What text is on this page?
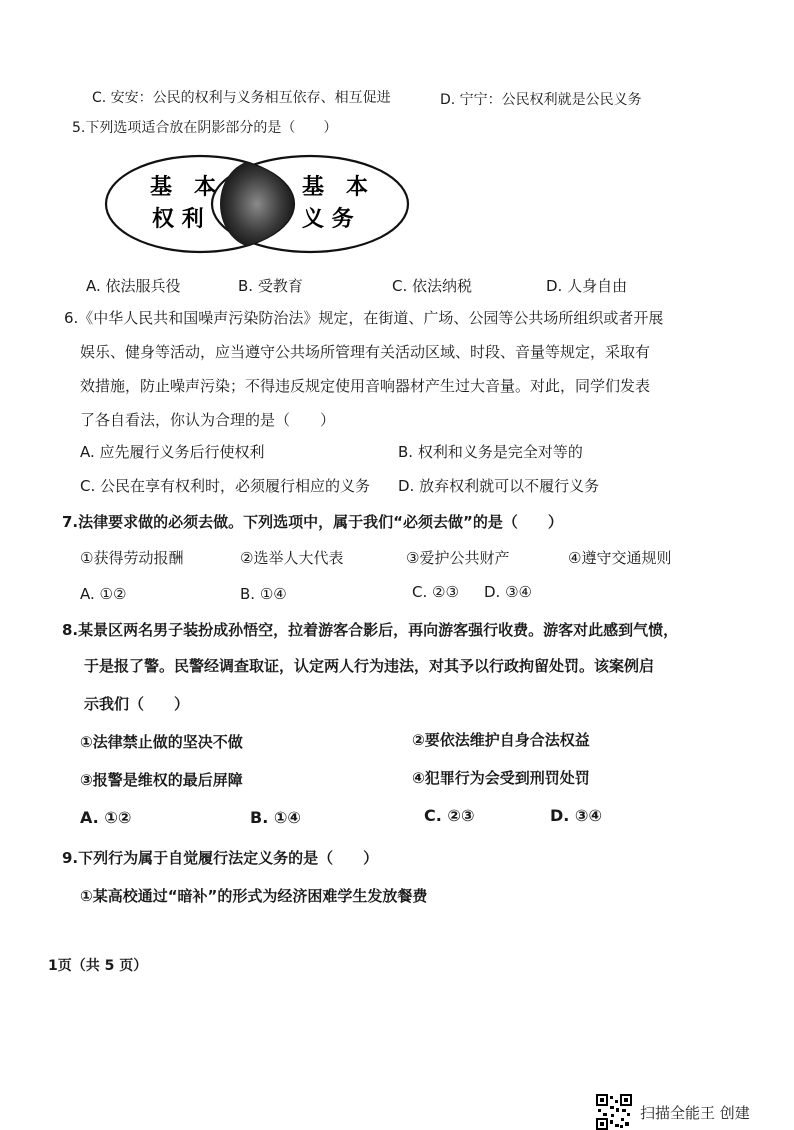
C. 安安：公民的权利与义务相互依存、相互促进	D. 宁宁：公民权利就是公民义务
5.下列选项适合放在阴影部分的是（　　）
基　本
权 利
基　本
义 务
A. 依法服兵役	B. 受教育	C. 依法纳税	D. 人身自由
6.《中华人民共和国噪声污染防治法》规定，在街道、广场、公园等公共场所组织或者开展
娱乐、健身等活动，应当遵守公共场所管理有关活动区域、时段、音量等规定，采取有
效措施，防止噪声污染；不得违反规定使用音响器材产生过大音量。对此，同学们发表
了各自看法，你认为合理的是（　　）
A. 应先履行义务后行使权利	B. 权利和义务是完全对等的
C. 公民在享有权利时，必须履行相应的义务 D. 放弃权利就可以不履行义务
7.法律要求做的必须去做。下列选项中，属于我们“必须去做”的是（　　）
①获得劳动报酬	②选举人大代表	③爱护公共财产	④遵守交通规则
A. ①②	B. ①④	C. ②③ D. ③④
8.某景区两名男子装扮成孙悟空，拉着游客合影后，再向游客强行收费。游客对此感到气愤，
于是报了警。民警经调查取证，认定两人行为违法，对其予以行政拘留处罚。该案例启
示我们（　　）
①法律禁止做的坚决不做	②要依法维护自身合法权益
③报警是维权的最后屏障	④犯罪行为会受到刑罚处罚
A. ①②	B. ①④	C. ②③	D. ③④
9.下列行为属于自觉履行法定义务的是（　　）
①某高校通过“暗补”的形式为经济困难学生发放餐费
1页（共 5 页）
扫描全能王 创建
